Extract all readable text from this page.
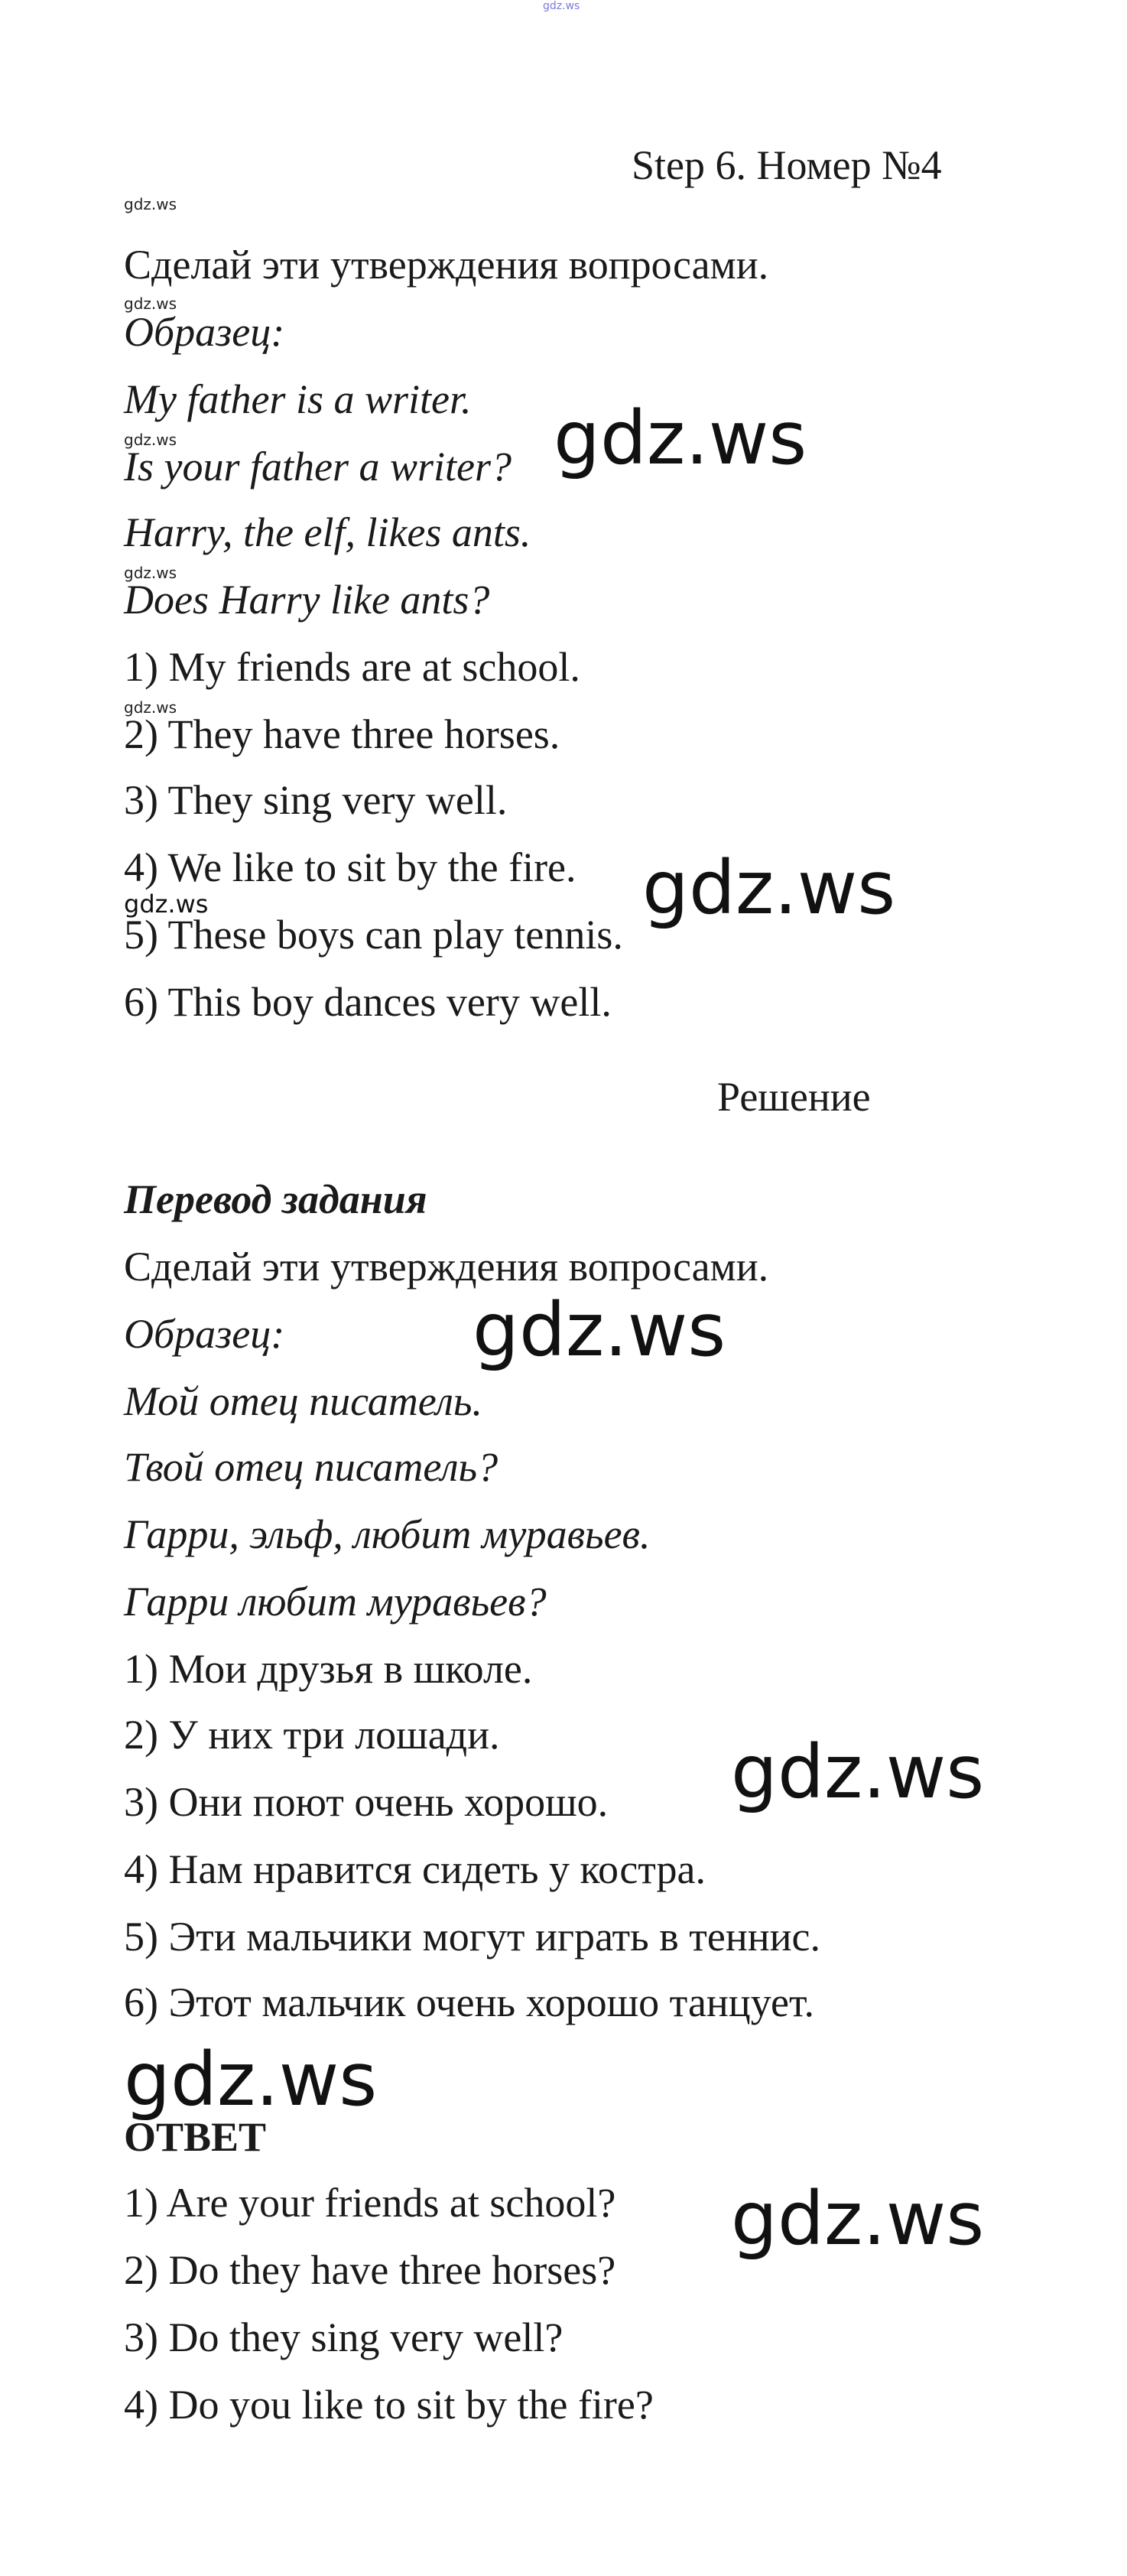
gdz.ws
Step 6. Номер №4
gdz.ws
gdz.ws
gdz.ws
gdz.ws
gdz.ws
Сделай эти утверждения вопросами.
Образец:
My father is a writer.
Is your father a writer?
Harry, the elf, likes ants.
Does Harry like ants?
1) My friends are at school.
2) They have three horses.
3) They sing very well.
4) We like to sit by the fire.
5) These boys can play tennis.
6) This boy dances very well.
gdz.ws
gdz.ws
gdz.ws
gdz.ws
gdz.ws
gdz.ws
gdz.ws
Решение
Перевод задания
Сделай эти утверждения вопросами.
Образец:
Мой отец писатель.
Твой отец писатель?
Гарри, эльф, любит муравьев.
Гарри любит муравьев?
1) Мои друзья в школе.
2) У них три лошади.
3) Они поют очень хорошо.
4) Нам нравится сидеть у костра.
5) Эти мальчики могут играть в теннис.
6) Этот мальчик очень хорошо танцует.
ОТВЕТ
1) Are your friends at school?
2) Do they have three horses?
3) Do they sing very well?
4) Do you like to sit by the fire?
